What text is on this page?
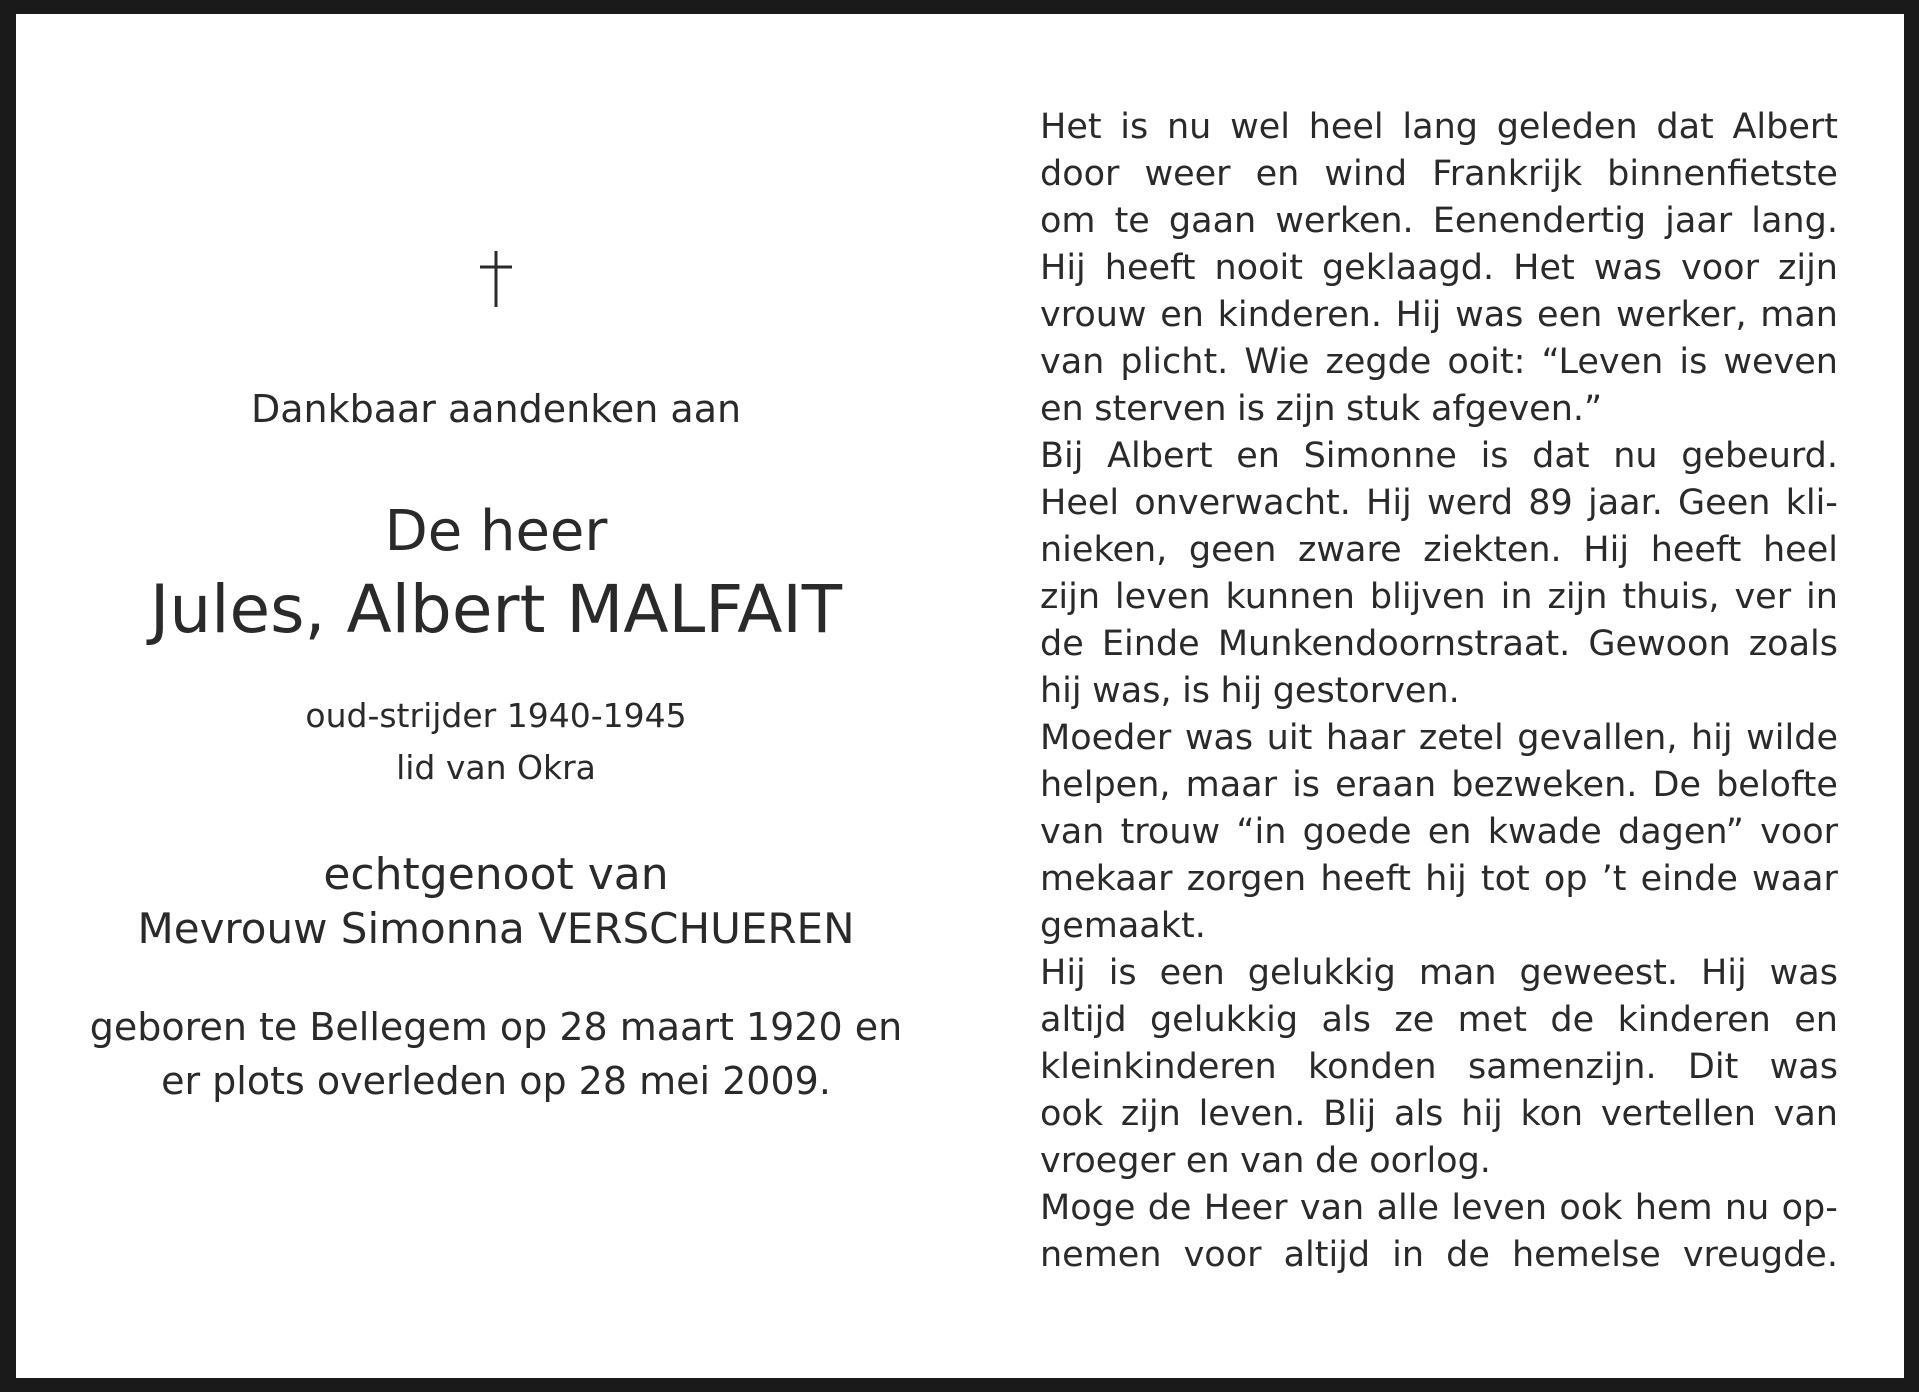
Dankbaar aandenken aan
De heer
Jules, Albert MALFAIT
oud-strijder 1940-1945
lid van Okra
echtgenoot van
Mevrouw Simonna VERSCHUEREN
geboren te Bellegem op 28 maart 1920 en
er plots overleden op 28 mei 2009.
Het is nu wel heel lang geleden dat Albert
door weer en wind Frankrijk binnenfietste
om te gaan werken. Eenendertig jaar lang.
Hij heeft nooit geklaagd. Het was voor zijn
vrouw en kinderen. Hij was een werker, man
van plicht. Wie zegde ooit: “Leven is weven
en sterven is zijn stuk afgeven.”
Bij Albert en Simonne is dat nu gebeurd.
Heel onverwacht. Hij werd 89 jaar. Geen kli-
nieken, geen zware ziekten. Hij heeft heel
zijn leven kunnen blijven in zijn thuis, ver in
de Einde Munkendoornstraat. Gewoon zoals
hij was, is hij gestorven.
Moeder was uit haar zetel gevallen, hij wilde
helpen, maar is eraan bezweken. De belofte
van trouw “in goede en kwade dagen” voor
mekaar zorgen heeft hij tot op ’t einde waar
gemaakt.
Hij is een gelukkig man geweest. Hij was
altijd gelukkig als ze met de kinderen en
kleinkinderen konden samenzijn. Dit was
ook zijn leven. Blij als hij kon vertellen van
vroeger en van de oorlog.
Moge de Heer van alle leven ook hem nu op-
nemen voor altijd in de hemelse vreugde.
